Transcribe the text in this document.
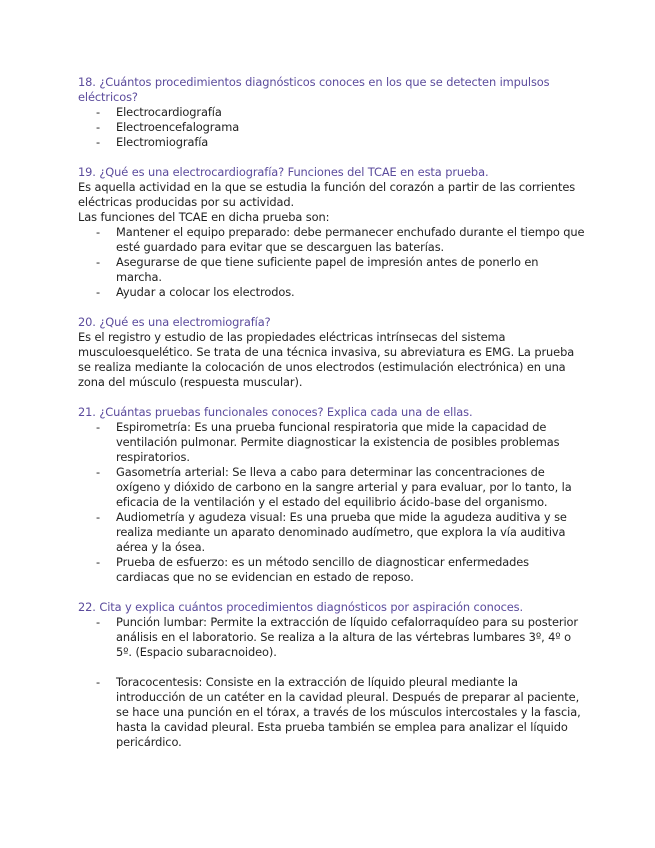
18. ¿Cuántos procedimientos diagnósticos conoces en los que se detecten impulsos eléctricos?

- Electrocardiografía
- Electroencefalograma
- Electromiografía

19. ¿Qué es una electrocardiografía? Funciones del TCAE en esta prueba.

Es aquella actividad en la que se estudia la función del corazón a partir de las corrientes eléctricas producidas por su actividad.

Las funciones del TCAE en dicha prueba son:

- Mantener el equipo preparado: debe permanecer enchufado durante el tiempo que esté guardado para evitar que se descarguen las baterías.
- Asegurarse de que tiene suficiente papel de impresión antes de ponerlo en marcha.
- Ayudar a colocar los electrodos.

20. ¿Qué es una electromiografía?

Es el registro y estudio de las propiedades eléctricas intrínsecas del sistema musculoesquelético. Se trata de una técnica invasiva, su abreviatura es EMG. La prueba se realiza mediante la colocación de unos electrodos (estimulación electrónica) en una zona del músculo (respuesta muscular).

21. ¿Cuántas pruebas funcionales conoces? Explica cada una de ellas.

- Espirometría: Es una prueba funcional respiratoria que mide la capacidad de ventilación pulmonar. Permite diagnosticar la existencia de posibles problemas respiratorios.
- Gasometría arterial: Se lleva a cabo para determinar las concentraciones de oxígeno y dióxido de carbono en la sangre arterial y para evaluar, por lo tanto, la eficacia de la ventilación y el estado del equilibrio ácido-base del organismo.
- Audiometría y agudeza visual: Es una prueba que mide la agudeza auditiva y se realiza mediante un aparato denominado audímetro, que explora la vía auditiva aérea y la ósea.
- Prueba de esfuerzo: es un método sencillo de diagnosticar enfermedades cardiacas que no se evidencian en estado de reposo.

22. Cita y explica cuántos procedimientos diagnósticos por aspiración conoces.

- Punción lumbar: Permite la extracción de líquido cefalorraquídeo para su posterior análisis en el laboratorio. Se realiza a la altura de las vértebras lumbares 3º, 4º o 5º. (Espacio subaracnoideo).
- Toracocentesis: Consiste en la extracción de líquido pleural mediante la introducción de un catéter en la cavidad pleural. Después de preparar al paciente, se hace una punción en el tórax, a través de los músculos intercostales y la fascia, hasta la cavidad pleural. Esta prueba también se emplea para analizar el líquido pericárdico.
